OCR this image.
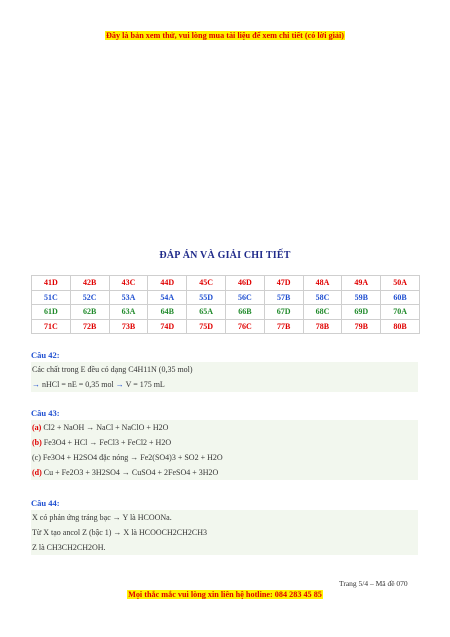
Đây là bản xem thử, vui lòng mua tài liệu để xem chi tiết (có lời giải)
ĐÁP ÁN VÀ GIẢI CHI TIẾT
41D	42B	43C	44D	45C	46D	47D	48A	49A	50A
51C	52C	53A	54A	55D	56C	57B	58C	59B	60B
61D	62B	63A	64B	65A	66B	67D	68C	69D	70A
71C	72B	73B	74D	75D	76C	77B	78B	79B	80B
Câu 42:
Các chất trong E đều có dạng C4H11N (0,35 mol)
→ nHCl = nE = 0,35 mol → V = 175 mL
Câu 43:
(a) Cl2 + NaOH → NaCl + NaClO + H2O
(b) Fe3O4 + HCl → FeCl3 + FeCl2 + H2O
(c) Fe3O4 + H2SO4 đặc nóng → Fe2(SO4)3 + SO2 + H2O
(d) Cu + Fe2O3 + 3H2SO4 → CuSO4 + 2FeSO4 + 3H2O
Câu 44:
X có phản ứng tráng bạc → Y là HCOONa.
Từ X tạo ancol Z (bậc 1) → X là HCOOCH2CH2CH3
Z là CH3CH2CH2OH.
Trang 5/4 – Mã đề 070
Mọi thắc mắc vui lòng xin liên hệ hotline: 084 283 45 85
